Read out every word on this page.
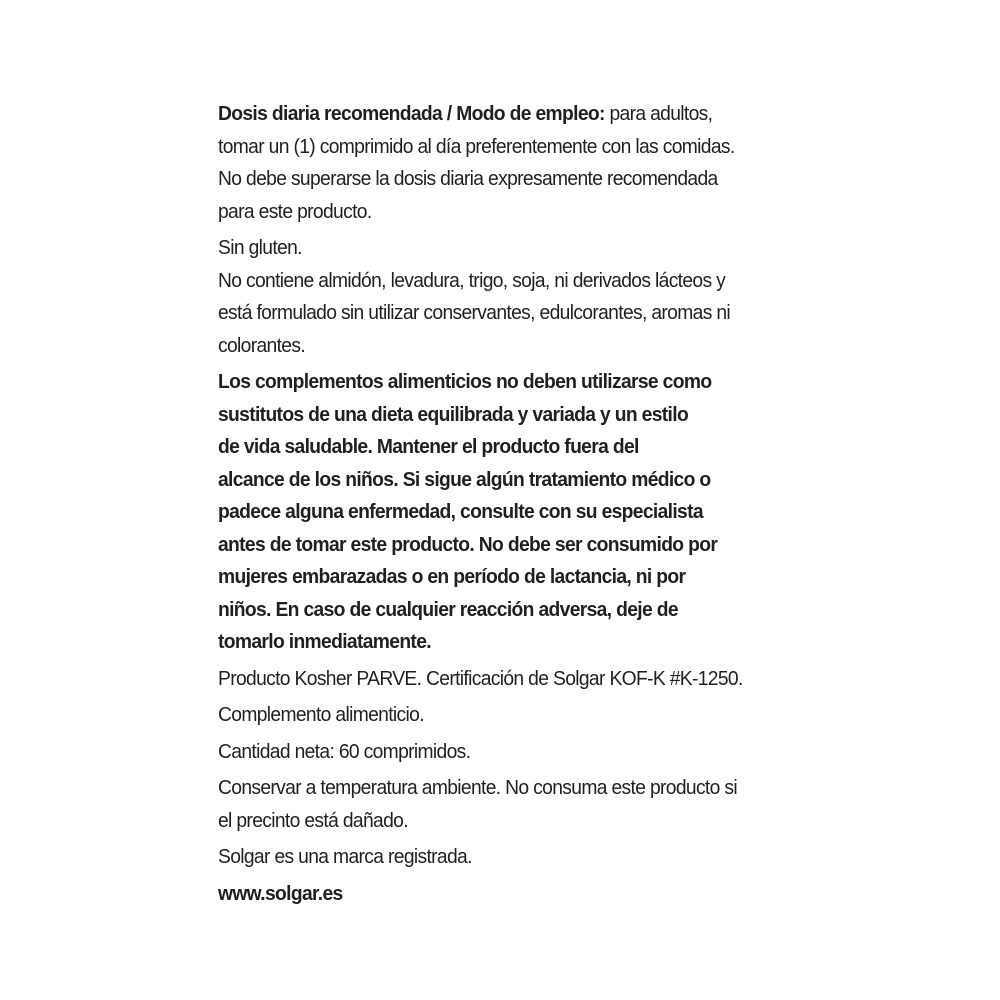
Dosis diaria recomendada / Modo de empleo: para adultos,
tomar un (1) comprimido al día preferentemente con las comidas.
No debe superarse la dosis diaria expresamente recomendada
para este producto.
Sin gluten.
No contiene almidón, levadura, trigo, soja, ni derivados lácteos y
está formulado sin utilizar conservantes, edulcorantes, aromas ni
colorantes.
Los complementos alimenticios no deben utilizarse como
sustitutos de una dieta equilibrada y variada y un estilo
de vida saludable. Mantener el producto fuera del
alcance de los niños. Si sigue algún tratamiento médico o
padece alguna enfermedad, consulte con su especialista
antes de tomar este producto. No debe ser consumido por
mujeres embarazadas o en período de lactancia, ni por
niños. En caso de cualquier reacción adversa, deje de
tomarlo inmediatamente.
Producto Kosher PARVE. Certificación de Solgar KOF-K #K-1250.
Complemento alimenticio.
Cantidad neta: 60 comprimidos.
Conservar a temperatura ambiente. No consuma este producto si
el precinto está dañado.
Solgar es una marca registrada.
www.solgar.es
